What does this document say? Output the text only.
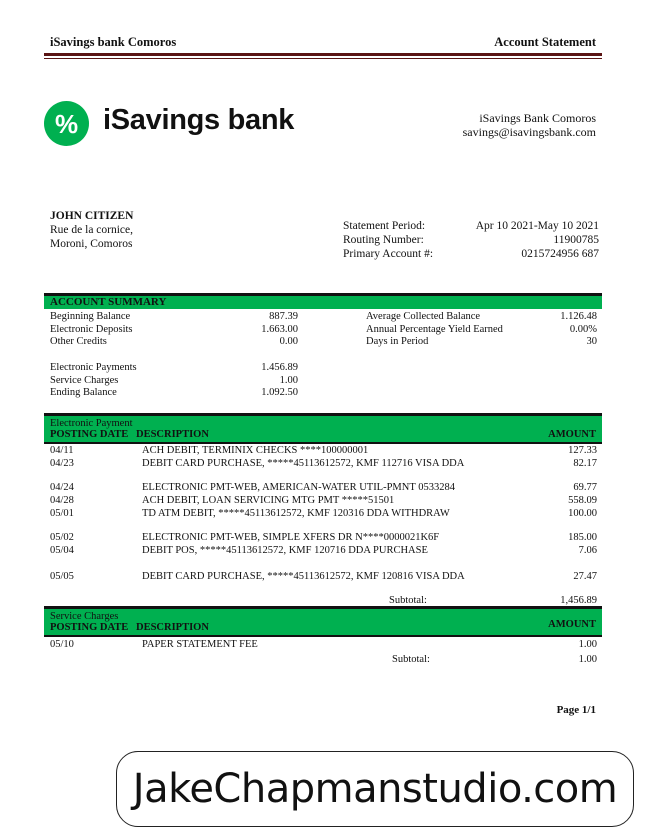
iSavings bank Comoros	Account Statement
% iSavings bank	iSavings Bank Comoros
savings@isavingsbank.com
JOHN CITIZEN
Rue de la cornice,
Moroni, Comoros
Statement Period:	Apr 10 2021-May 10 2021
Routing Number:	11900785
Primary Account #:	0215724956 687
ACCOUNT SUMMARY
Beginning Balance	887.39
Electronic Deposits	1.663.00
Other Credits	0.00
Electronic Payments	1.456.89
Service Charges	1.00
Ending Balance	1.092.50
Average Collected Balance	1.126.48
Annual Percentage Yield Earned	0.00%
Days in Period	30
Electronic Payment
POSTING DATE DESCRIPTION	AMOUNT
04/11	ACH DEBIT, TERMINIX CHECKS ****100000001	127.33
04/23	DEBIT CARD PURCHASE, *****45113612572, KMF 112716 VISA DDA	82.17
04/24	ELECTRONIC PMT-WEB, AMERICAN-WATER UTIL-PMNT 0533284	69.77
04/28	ACH DEBIT, LOAN SERVICING MTG PMT *****51501	558.09
05/01	TD ATM DEBIT, *****45113612572, KMF 120316 DDA WITHDRAW	100.00
05/02	ELECTRONIC PMT-WEB, SIMPLE XFERS DR N****0000021K6F	185.00
05/04	DEBIT POS, *****45113612572, KMF 120716 DDA PURCHASE	7.06
05/05	DEBIT CARD PURCHASE, *****45113612572, KMF 120816 VISA DDA	27.47
Subtotal:	1,456.89
Service Charges
POSTING DATE DESCRIPTION	AMOUNT
05/10	PAPER STATEMENT FEE	1.00
Subtotal:	1.00
Page 1/1
JakeChapmanstudio.com
